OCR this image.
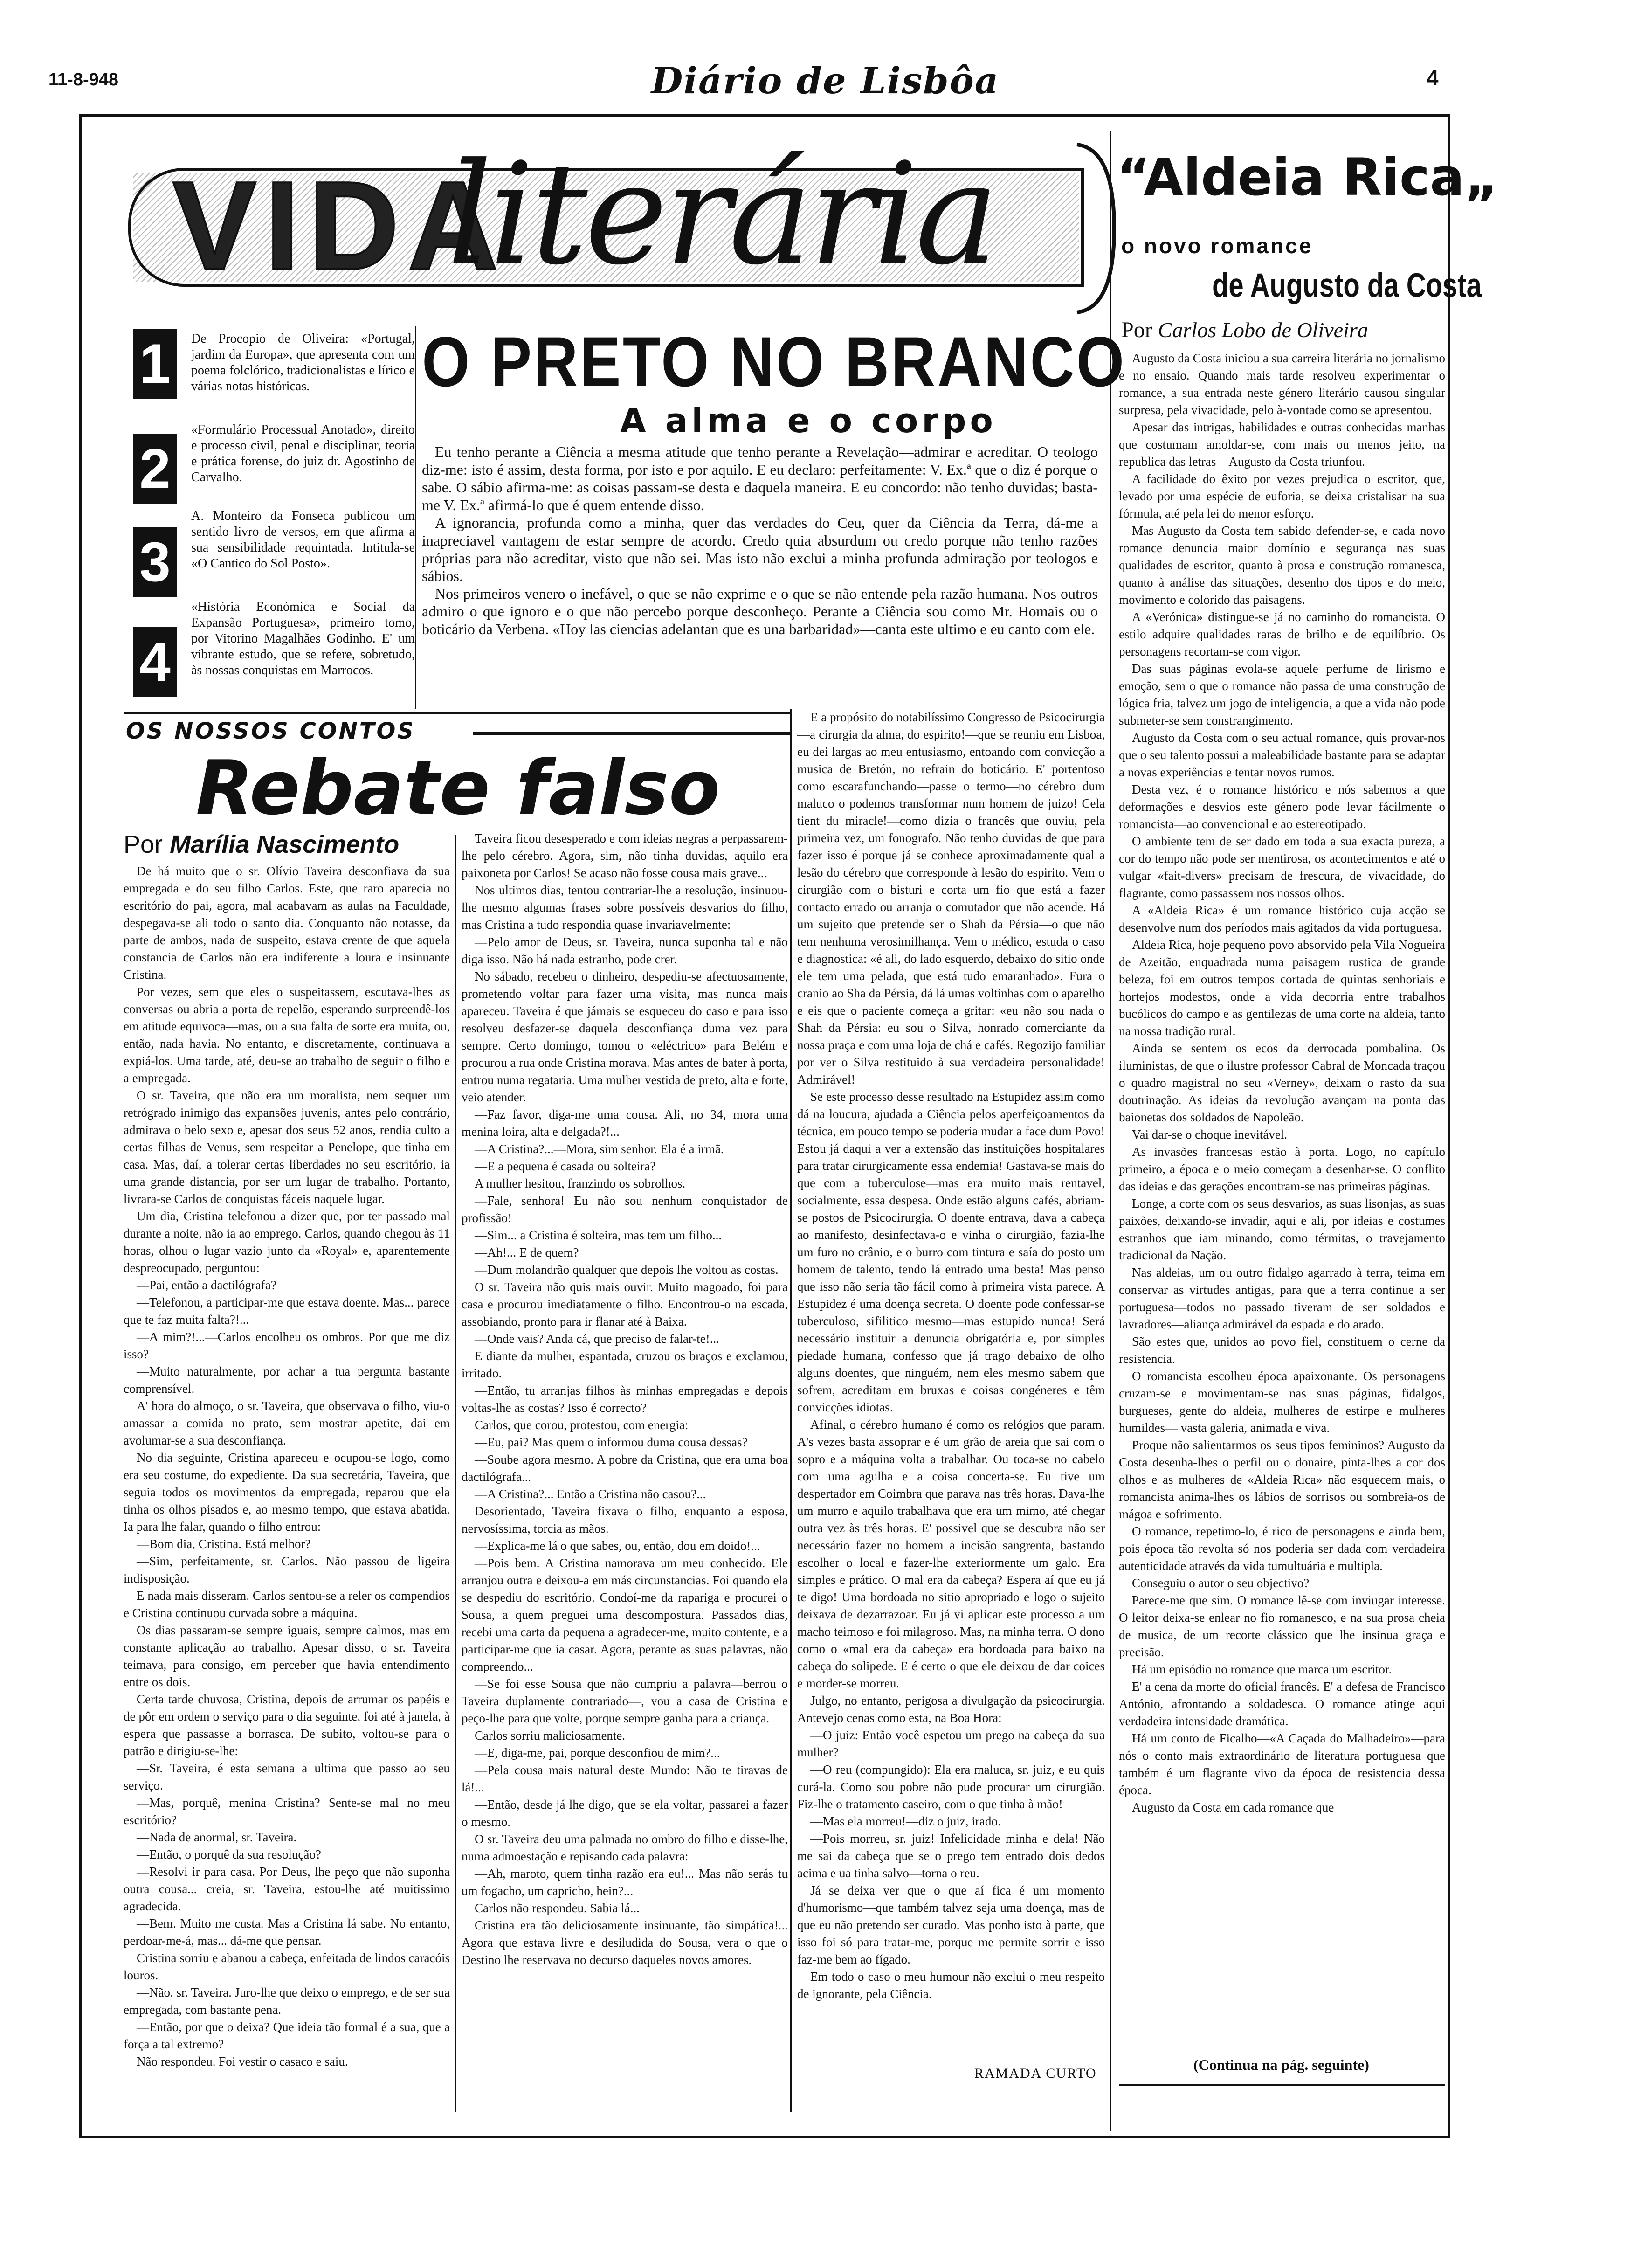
11-8-948	Diário de Lisbôa	4
VIDA
literária “Aldeia Rica„
o novo romance
de Augusto da Costa
Por Carlos Lobo de Oliveira
1
2
3
4
De Procopio de Oliveira: «Portugal, jardim da Europa», que apresenta com um poema folclórico, tradicionalistas e lírico e várias notas históricas.
«Formulário Processual Anotado», direito e processo civil, penal e disciplinar, teoria e prática forense, do juiz dr. Agostinho de Carvalho.
A. Monteiro da Fonseca publicou um sentido livro de versos, em que afirma a sua sensibilidade requintada. Intitula-se «O Cantico do Sol Posto».
«História Económica e Social da Expansão Portuguesa», primeiro tomo, por Vitorino Magalhães Godinho. E' um vibrante estudo, que se refere, sobretudo, às nossas conquistas em Marrocos.
O PRETO NO BRANCO
A alma e o corpo

Eu tenho perante a Ciência a mesma atitude que tenho perante a Revelação—admirar e acreditar. O teologo diz-me: isto é assim, desta forma, por isto e por aquilo. E eu declaro: perfeitamente: V. Ex.ª que o diz é porque o sabe. O sábio afirma-me: as coisas passam-se desta e daquela maneira. E eu concordo: não tenho duvidas; basta-me V. Ex.ª afirmá-lo que é quem entende disso.

A ignorancia, profunda como a minha, quer das verdades do Ceu, quer da Ciência da Terra, dá-me a inapreciavel vantagem de estar sempre de acordo. Credo quia absurdum ou credo porque não tenho razões próprias para não acreditar, visto que não sei. Mas isto não exclui a minha profunda admiração por teologos e sábios.

Nos primeiros venero o inefável, o que se não exprime e o que se não entende pela razão humana. Nos outros admiro o que ignoro e o que não percebo porque desconheço. Perante a Ciência sou como Mr. Homais ou o boticário da Verbena. «Hoy las ciencias adelantan que es una barbaridad»—canta este ultimo e eu canto com ele.

OS NOSSOS CONTOS
Rebate falso
Por Marília Nascimento

De há muito que o sr. Olívio Taveira desconfiava da sua empregada e do seu filho Carlos. Este, que raro aparecia no escritório do pai, agora, mal acabavam as aulas na Faculdade, despegava-se ali todo o santo dia. Conquanto não notasse, da parte de ambos, nada de suspeito, estava crente de que aquela constancia de Carlos não era indiferente a loura e insinuante Cristina.

Por vezes, sem que eles o suspeitassem, escutava-lhes as conversas ou abria a porta de repelão, esperando surpreendê-los em atitude equivoca—mas, ou a sua falta de sorte era muita, ou, então, nada havia. No entanto, e discretamente, continuava a expiá-los. Uma tarde, até, deu-se ao trabalho de seguir o filho e a empregada.

O sr. Taveira, que não era um moralista, nem sequer um retrógrado inimigo das expansões juvenis, antes pelo contrário, admirava o belo sexo e, apesar dos seus 52 anos, rendia culto a certas filhas de Venus, sem respeitar a Penelope, que tinha em casa. Mas, daí, a tolerar certas liberdades no seu escritório, ia uma grande distancia, por ser um lugar de trabalho. Portanto, livrara-se Carlos de conquistas fáceis naquele lugar.

Um dia, Cristina telefonou a dizer que, por ter passado mal durante a noite, não ia ao emprego. Carlos, quando chegou às 11 horas, olhou o lugar vazio junto da «Royal» e, aparentemente despreocupado, perguntou:

—Pai, então a dactilógrafa?

—Telefonou, a participar-me que estava doente. Mas... parece que te faz muita falta?!...

—A mim?!...—Carlos encolheu os ombros. Por que me diz isso?

—Muito naturalmente, por achar a tua pergunta bastante comprensível.

A' hora do almoço, o sr. Taveira, que observava o filho, viu-o amassar a comida no prato, sem mostrar apetite, dai em avolumar-se a sua desconfiança.

No dia seguinte, Cristina apareceu e ocupou-se logo, como era seu costume, do expediente. Da sua secretária, Taveira, que seguia todos os movimentos da empregada, reparou que ela tinha os olhos pisados e, ao mesmo tempo, que estava abatida. Ia para lhe falar, quando o filho entrou:

—Bom dia, Cristina. Está melhor?

—Sim, perfeitamente, sr. Carlos. Não passou de ligeira indisposição.

E nada mais disseram. Carlos sentou-se a reler os compendios e Cristina continuou curvada sobre a máquina.

Os dias passaram-se sempre iguais, sempre calmos, mas em constante aplicação ao trabalho. Apesar disso, o sr. Taveira teimava, para consigo, em perceber que havia entendimento entre os dois.

Certa tarde chuvosa, Cristina, depois de arrumar os papéis e de pôr em ordem o serviço para o dia seguinte, foi até à janela, à espera que passasse a borrasca. De subito, voltou-se para o patrão e dirigiu-se-lhe:

—Sr. Taveira, é esta semana a ultima que passo ao seu serviço.

—Mas, porquê, menina Cristina? Sente-se mal no meu escritório?

—Nada de anormal, sr. Taveira.

—Então, o porquê da sua resolução?

—Resolvi ir para casa. Por Deus, lhe peço que não suponha outra cousa... creia, sr. Taveira, estou-lhe até muitissimo agradecida.

—Bem. Muito me custa. Mas a Cristina lá sabe. No entanto, perdoar-me-á, mas... dá-me que pensar.

Cristina sorriu e abanou a cabeça, enfeitada de lindos caracóis louros.

—Não, sr. Taveira. Juro-lhe que deixo o emprego, e de ser sua empregada, com bastante pena.

—Então, por que o deixa? Que ideia tão formal é a sua, que a força a tal extremo?

Não respondeu. Foi vestir o casaco e saiu.

Taveira ficou desesperado e com ideias negras a perpassarem-lhe pelo cérebro. Agora, sim, não tinha duvidas, aquilo era paixoneta por Carlos! Se acaso não fosse cousa mais grave...

Nos ultimos dias, tentou contrariar-lhe a resolução, insinuou-lhe mesmo algumas frases sobre possíveis desvarios do filho, mas Cristina a tudo respondia quase invariavelmente:

—Pelo amor de Deus, sr. Taveira, nunca suponha tal e não diga isso. Não há nada estranho, pode crer.

No sábado, recebeu o dinheiro, despediu-se afectuosamente, prometendo voltar para fazer uma visita, mas nunca mais apareceu. Taveira é que jámais se esqueceu do caso e para isso resolveu desfazer-se daquela desconfiança duma vez para sempre. Certo domingo, tomou o «eléctrico» para Belém e procurou a rua onde Cristina morava. Mas antes de bater à porta, entrou numa regataria. Uma mulher vestida de preto, alta e forte, veio atender.

—Faz favor, diga-me uma cousa. Ali, no 34, mora uma menina loira, alta e delgada?!...

—A Cristina?...—Mora, sim senhor. Ela é a irmã.

—E a pequena é casada ou solteira?

A mulher hesitou, franzindo os sobrolhos.

—Fale, senhora! Eu não sou nenhum conquistador de profissão!

—Sim... a Cristina é solteira, mas tem um filho...

—Ah!... E de quem?

—Dum molandrão qualquer que depois lhe voltou as costas.

O sr. Taveira não quis mais ouvir. Muito magoado, foi para casa e procurou imediatamente o filho. Encontrou-o na escada, assobiando, pronto para ir flanar até à Baixa.

—Onde vais? Anda cá, que preciso de falar-te!...

E diante da mulher, espantada, cruzou os braços e exclamou, irritado.

—Então, tu arranjas filhos às minhas empregadas e depois voltas-lhe as costas? Isso é correcto?

Carlos, que corou, protestou, com energia:

—Eu, pai? Mas quem o informou duma cousa dessas?

—Soube agora mesmo. A pobre da Cristina, que era uma boa dactilógrafa...

—A Cristina?... Então a Cristina não casou?...

Desorientado, Taveira fixava o filho, enquanto a esposa, nervosíssima, torcia as mãos.

—Explica-me lá o que sabes, ou, então, dou em doido!...

—Pois bem. A Cristina namorava um meu conhecido. Ele arranjou outra e deixou-a em más circunstancias. Foi quando ela se despediu do escritório. Condoí-me da rapariga e procurei o Sousa, a quem preguei uma descompostura. Passados dias, recebi uma carta da pequena a agradecer-me, muito contente, e a participar-me que ia casar. Agora, perante as suas palavras, não compreendo...

—Se foi esse Sousa que não cumpriu a palavra—berrou o Taveira duplamente contrariado—, vou a casa de Cristina e peço-lhe para que volte, porque sempre ganha para a criança.

Carlos sorriu maliciosamente.

—E, diga-me, pai, porque desconfiou de mim?...

—Pela cousa mais natural deste Mundo: Não te tiravas de lá!...

—Então, desde já lhe digo, que se ela voltar, passarei a fazer o mesmo.

O sr. Taveira deu uma palmada no ombro do filho e disse-lhe, numa admoestação e repisando cada palavra:

—Ah, maroto, quem tinha razão era eu!... Mas não serás tu um fogacho, um capricho, hein?...

Carlos não respondeu. Sabia lá...

Cristina era tão deliciosamente insinuante, tão simpática!... Agora que estava livre e desiludida do Sousa, vera o que o Destino lhe reservava no decurso daqueles novos amores.

E a propósito do notabilíssimo Congresso de Psicocirurgia—a cirurgia da alma, do espirito!—que se reuniu em Lisboa, eu dei largas ao meu entusiasmo, entoando com convicção a musica de Bretón, no refrain do boticário. E' portentoso como escarafunchando—passe o termo—no cérebro dum maluco o podemos transformar num homem de juizo! Cela tient du miracle!—como dizia o francês que ouviu, pela primeira vez, um fonografo. Não tenho duvidas de que para fazer isso é porque já se conhece aproximadamente qual a lesão do cérebro que corresponde à lesão do espirito. Vem o cirurgião com o bisturi e corta um fio que está a fazer contacto errado ou arranja o comutador que não acende. Há um sujeito que pretende ser o Shah da Pérsia—o que não tem nenhuma verosimilhança. Vem o médico, estuda o caso e diagnostica: «é ali, do lado esquerdo, debaixo do sitio onde ele tem uma pelada, que está tudo emaranhado». Fura o cranio ao Sha da Pérsia, dá lá umas voltinhas com o aparelho e eis que o paciente começa a gritar: «eu não sou nada o Shah da Pérsia: eu sou o Silva, honrado comerciante da nossa praça e com uma loja de chá e cafés. Regozijo familiar por ver o Silva restituido à sua verdadeira personalidade! Admirável!

Se este processo desse resultado na Estupidez assim como dá na loucura, ajudada a Ciência pelos aperfeiçoamentos da técnica, em pouco tempo se poderia mudar a face dum Povo! Estou já daqui a ver a extensão das instituições hospitalares para tratar cirurgicamente essa endemia! Gastava-se mais do que com a tuberculose—mas era muito mais rentavel, socialmente, essa despesa. Onde estão alguns cafés, abriam-se postos de Psicocirurgia. O doente entrava, dava a cabeça ao manifesto, desinfectava-o e vinha o cirurgião, fazia-lhe um furo no crânio, e o burro com tintura e saía do posto um homem de talento, tendo lá entrado uma besta! Mas penso que isso não seria tão fácil como à primeira vista parece. A Estupidez é uma doença secreta. O doente pode confessar-se tuberculoso, sifilitico mesmo—mas estupido nunca! Será necessário instituir a denuncia obrigatória e, por simples piedade humana, confesso que já trago debaixo de olho alguns doentes, que ninguém, nem eles mesmo sabem que sofrem, acreditam em bruxas e coisas congéneres e têm convicções idiotas.

Afinal, o cérebro humano é como os relógios que param. A's vezes basta assoprar e é um grão de areia que sai com o sopro e a máquina volta a trabalhar. Ou toca-se no cabelo com uma agulha e a coisa concerta-se. Eu tive um despertador em Coimbra que parava nas três horas. Dava-lhe um murro e aquilo trabalhava que era um mimo, até chegar outra vez às três horas. E' possivel que se descubra não ser necessário fazer no homem a incisão sangrenta, bastando escolher o local e fazer-lhe exteriormente um galo. Era simples e prático. O mal era da cabeça? Espera aí que eu já te digo! Uma bordoada no sitio apropriado e logo o sujeito deixava de dezarrazoar. Eu já vi aplicar este processo a um macho teimoso e foi milagroso. Mas, na minha terra. O dono como o «mal era da cabeça» era bordoada para baixo na cabeça do solipede. E é certo o que ele deixou de dar coices e morder-se morreu.

Julgo, no entanto, perigosa a divulgação da psicocirurgia. Antevejo cenas como esta, na Boa Hora:

—O juiz: Então você espetou um prego na cabeça da sua mulher?

—O reu (compungido): Ela era maluca, sr. juiz, e eu quis curá-la. Como sou pobre não pude procurar um cirurgião. Fiz-lhe o tratamento caseiro, com o que tinha à mão!

—Mas ela morreu!—diz o juiz, irado.

—Pois morreu, sr. juiz! Infelicidade minha e dela! Não me sai da cabeça que se o prego tem entrado dois dedos acima e ua tinha salvo—torna o reu.

Já se deixa ver que o que aí fica é um momento d'humorismo—que também talvez seja uma doença, mas de que eu não pretendo ser curado. Mas ponho isto à parte, que isso foi só para tratar-me, porque me permite sorrir e isso faz-me bem ao fígado.

Em todo o caso o meu humour não exclui o meu respeito de ignorante, pela Ciência.

RAMADA CURTO

Augusto da Costa iniciou a sua carreira literária no jornalismo e no ensaio. Quando mais tarde resolveu experimentar o romance, a sua entrada neste género literário causou singular surpresa, pela vivacidade, pelo à-vontade como se apresentou.

Apesar das intrigas, habilidades e outras conhecidas manhas que costumam amoldar-se, com mais ou menos jeito, na republica das letras—Augusto da Costa triunfou.

A facilidade do êxito por vezes prejudica o escritor, que, levado por uma espécie de euforia, se deixa cristalisar na sua fórmula, até pela lei do menor esforço.

Mas Augusto da Costa tem sabido defender-se, e cada novo romance denuncia maior domínio e segurança nas suas qualidades de escritor, quanto à prosa e construção romanesca, quanto à análise das situações, desenho dos tipos e do meio, movimento e colorido das paisagens.

A «Verónica» distingue-se já no caminho do romancista. O estilo adquire qualidades raras de brilho e de equilíbrio. Os personagens recortam-se com vigor.

Das suas páginas evola-se aquele perfume de lirismo e emoção, sem o que o romance não passa de uma construção de lógica fria, talvez um jogo de inteligencia, a que a vida não pode submeter-se sem constrangimento.

Augusto da Costa com o seu actual romance, quis provar-nos que o seu talento possui a maleabilidade bastante para se adaptar a novas experiências e tentar novos rumos.

Desta vez, é o romance histórico e nós sabemos a que deformações e desvios este género pode levar fácilmente o romancista—ao convencional e ao estereotipado.

O ambiente tem de ser dado em toda a sua exacta pureza, a cor do tempo não pode ser mentirosa, os acontecimentos e até o vulgar «fait-divers» precisam de frescura, de vivacidade, do flagrante, como passassem nos nossos olhos.

A «Aldeia Rica» é um romance histórico cuja acção se desenvolve num dos períodos mais agitados da vida portuguesa.

Aldeia Rica, hoje pequeno povo absorvido pela Vila Nogueira de Azeitão, enquadrada numa paisagem rustica de grande beleza, foi em outros tempos cortada de quintas senhoriais e hortejos modestos, onde a vida decorria entre trabalhos bucólicos do campo e as gentilezas de uma corte na aldeia, tanto na nossa tradição rural.

Ainda se sentem os ecos da derrocada pombalina. Os iluministas, de que o ilustre professor Cabral de Moncada traçou o quadro magistral no seu «Verney», deixam o rasto da sua doutrinação. As ideias da revolução avançam na ponta das baionetas dos soldados de Napoleão.

Vai dar-se o choque inevitável.

As invasões francesas estão à porta. Logo, no capítulo primeiro, a época e o meio começam a desenhar-se. O conflito das ideias e das gerações encontram-se nas primeiras páginas.

Longe, a corte com os seus desvarios, as suas lisonjas, as suas paixões, deixando-se invadir, aqui e ali, por ideias e costumes estranhos que iam minando, como térmitas, o travejamento tradicional da Nação.

Nas aldeias, um ou outro fidalgo agarrado à terra, teima em conservar as virtudes antigas, para que a terra continue a ser portuguesa—todos no passado tiveram de ser soldados e lavradores—aliança admirável da espada e do arado.

São estes que, unidos ao povo fiel, constituem o cerne da resistencia.

O romancista escolheu época apaixonante. Os personagens cruzam-se e movimentam-se nas suas páginas, fidalgos, burgueses, gente do aldeia, mulheres de estirpe e mulheres humildes— vasta galeria, animada e viva.

Proque não salientarmos os seus tipos femininos? Augusto da Costa desenha-lhes o perfil ou o donaire, pinta-lhes a cor dos olhos e as mulheres de «Aldeia Rica» não esquecem mais, o romancista anima-lhes os lábios de sorrisos ou sombreia-os de mágoa e sofrimento.

O romance, repetimo-lo, é rico de personagens e ainda bem, pois época tão revolta só nos poderia ser dada com verdadeira autenticidade através da vida tumultuária e multipla.

Conseguiu o autor o seu objectivo?

Parece-me que sim. O romance lê-se com inviugar interesse. O leitor deixa-se enlear no fio romanesco, e na sua prosa cheia de musica, de um recorte clássico que lhe insinua graça e precisão.

Há um episódio no romance que marca um escritor.

E' a cena da morte do oficial francês. E' a defesa de Francisco António, afrontando a soldadesca. O romance atinge aqui verdadeira intensidade dramática.

Há um conto de Ficalho—«A Caçada do Malhadeiro»—para nós o conto mais extraordinário de literatura portuguesa que também é um flagrante vivo da época de resistencia dessa época.

Augusto da Costa em cada romance que

(Continua na pág. seguinte)
